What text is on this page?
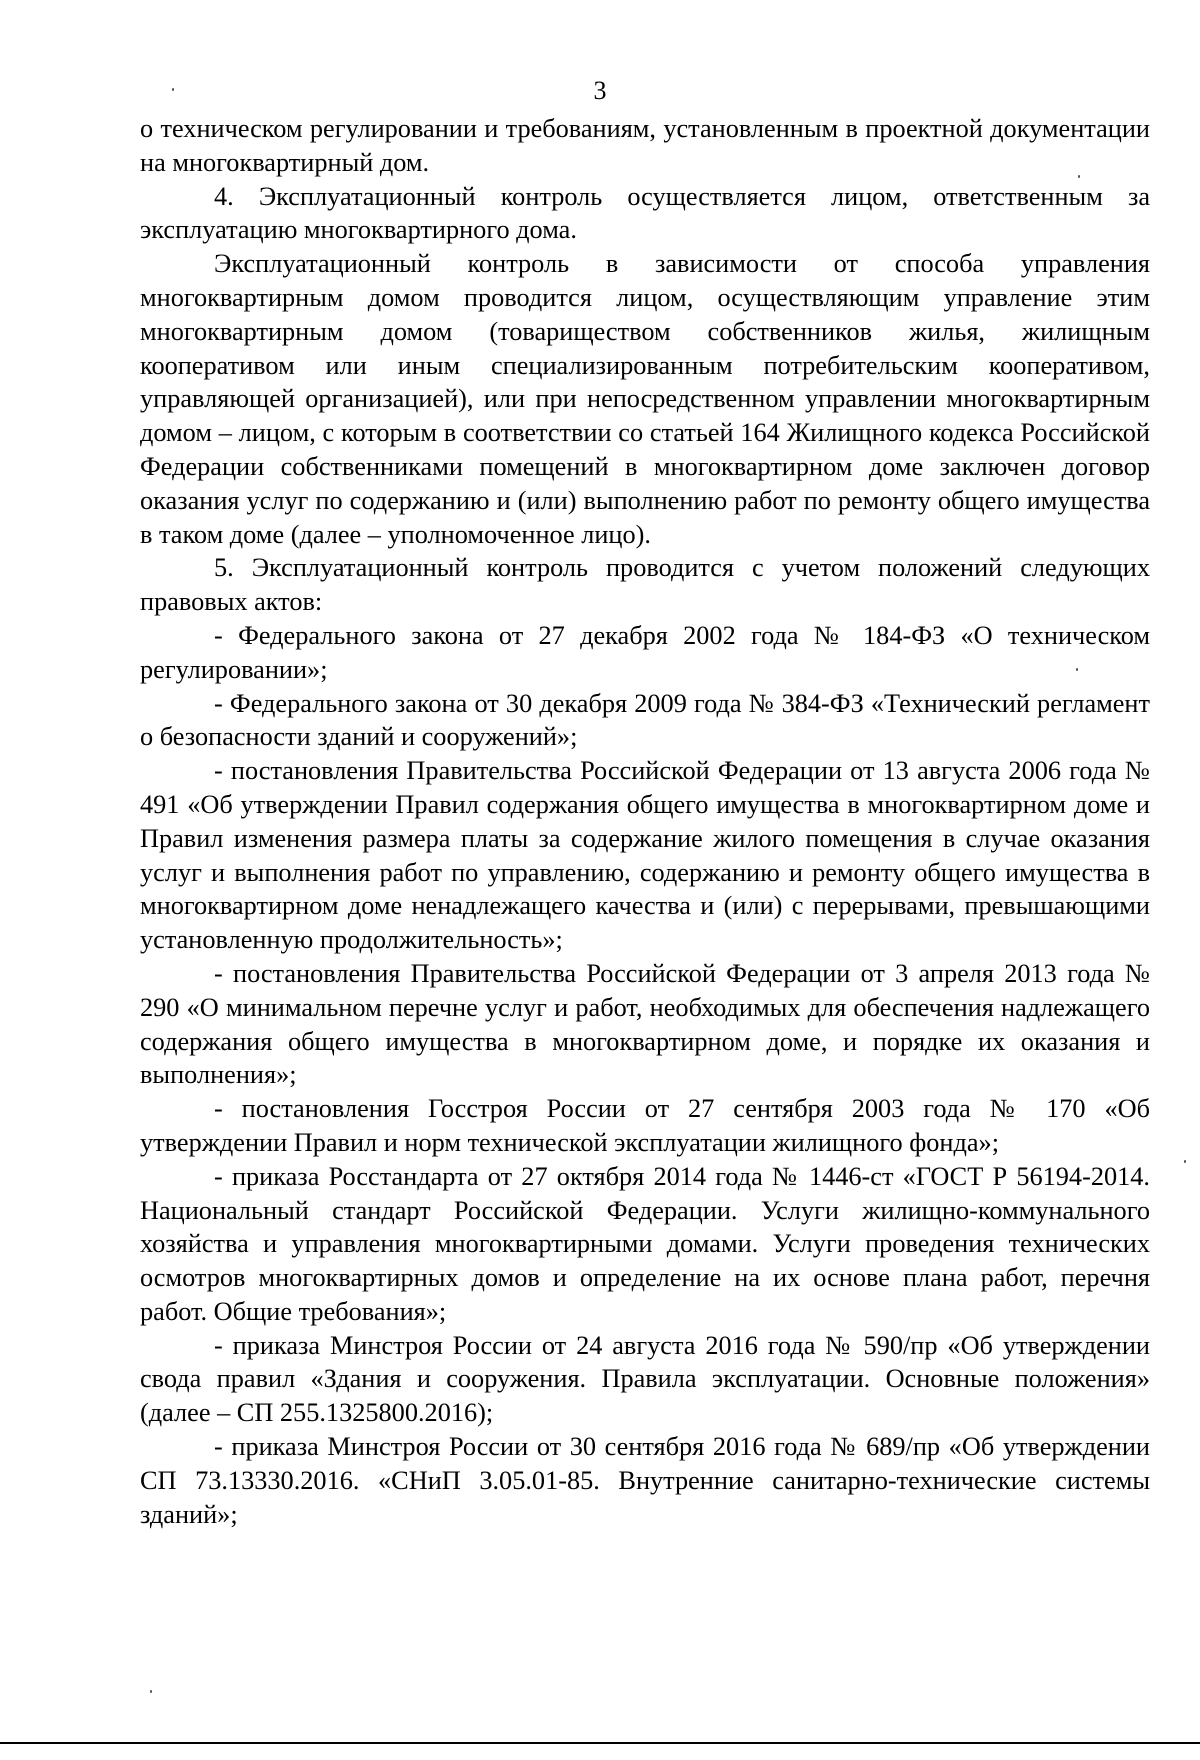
3

о техническом регулировании и требованиям, установленным в проектной документации на многоквартирный дом.

4. Эксплуатационный контроль осуществляется лицом, ответственным за эксплуатацию многоквартирного дома.

Эксплуатационный контроль в зависимости от способа управления многоквартирным домом проводится лицом, осуществляющим управление этим многоквартирным домом (товариществом собственников жилья, жилищным кооперативом или иным специализированным потребительским кооперативом, управляющей организацией), или при непосредственном управлении многоквартирным домом – лицом, с которым в соответствии со статьей 164 Жилищного кодекса Российской Федерации собственниками помещений в многоквартирном доме заключен договор оказания услуг по содержанию и (или) выполнению работ по ремонту общего имущества в таком доме (далее – уполномоченное лицо).

5. Эксплуатационный контроль проводится с учетом положений следующих правовых актов:

- Федерального закона от 27 декабря 2002 года № 184-ФЗ «О техническом регулировании»;

- Федерального закона от 30 декабря 2009 года № 384-ФЗ «Технический регламент о безопасности зданий и сооружений»;

- постановления Правительства Российской Федерации от 13 августа 2006 года № 491 «Об утверждении Правил содержания общего имущества в многоквартирном доме и Правил изменения размера платы за содержание жилого помещения в случае оказания услуг и выполнения работ по управлению, содержанию и ремонту общего имущества в многоквартирном доме ненадлежащего качества и (или) с перерывами, превышающими установленную продолжительность»;

- постановления Правительства Российской Федерации от 3 апреля 2013 года № 290 «О минимальном перечне услуг и работ, необходимых для обеспечения надлежащего содержания общего имущества в многоквартирном доме, и порядке их оказания и выполнения»;

- постановления Госстроя России от 27 сентября 2003 года № 170 «Об утверждении Правил и норм технической эксплуатации жилищного фонда»;

- приказа Росстандарта от 27 октября 2014 года № 1446-ст «ГОСТ Р 56194-2014. Национальный стандарт Российской Федерации. Услуги жилищно-коммунального хозяйства и управления многоквартирными домами. Услуги проведения технических осмотров многоквартирных домов и определение на их основе плана работ, перечня работ. Общие требования»;

- приказа Минстроя России от 24 августа 2016 года № 590/пр «Об утверждении свода правил «Здания и сооружения. Правила эксплуатации. Основные положения» (далее – СП 255.1325800.2016);

- приказа Минстроя России от 30 сентября 2016 года № 689/пр «Об утверждении СП 73.13330.2016. «СНиП 3.05.01-85. Внутренние санитарно-технические системы зданий»;
